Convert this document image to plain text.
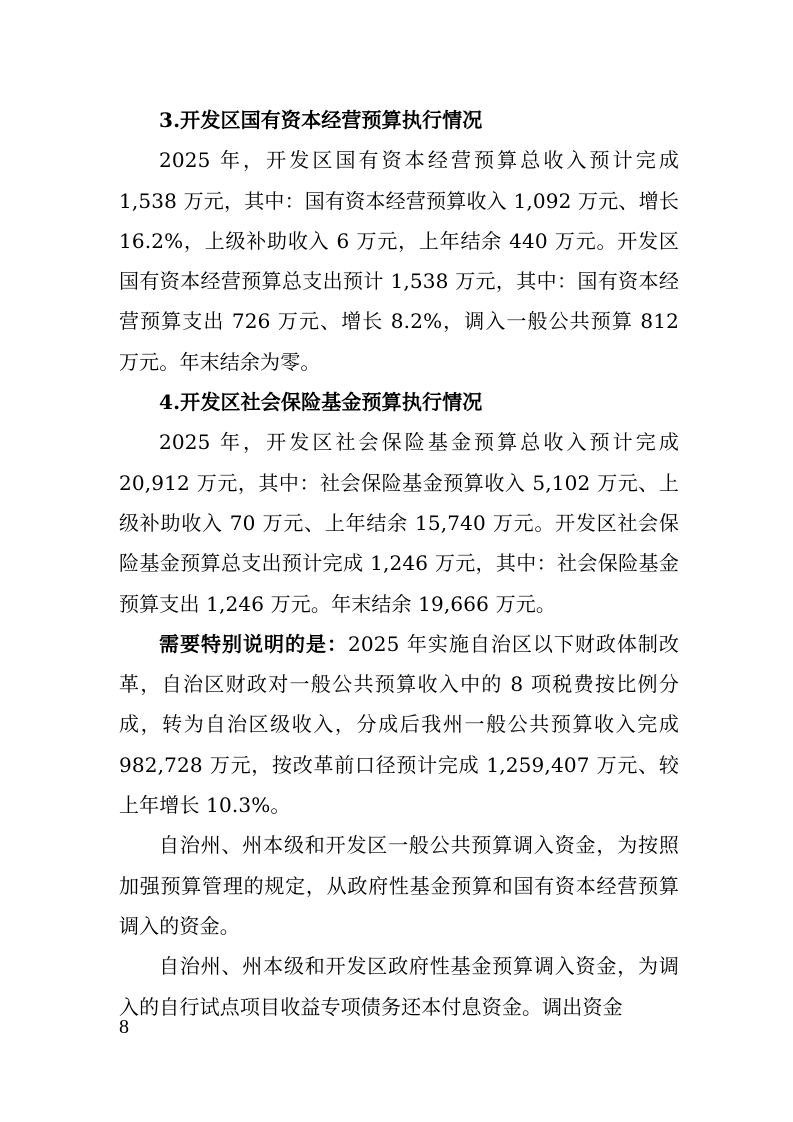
3.开发区国有资本经营预算执行情况

2025 年，开发区国有资本经营预算总收入预计完成 1,538 万元，其中：国有资本经营预算收入 1,092 万元、增长 16.2%，上级补助收入 6 万元，上年结余 440 万元。开发区国有资本经营预算总支出预计 1,538 万元，其中：国有资本经营预算支出 726 万元、增长 8.2%，调入一般公共预算 812 万元。年末结余为零。

4.开发区社会保险基金预算执行情况

2025 年，开发区社会保险基金预算总收入预计完成 20,912 万元，其中：社会保险基金预算收入 5,102 万元、上级补助收入 70 万元、上年结余 15,740 万元。开发区社会保险基金预算总支出预计完成 1,246 万元，其中：社会保险基金预算支出 1,246 万元。年末结余 19,666 万元。

需要特别说明的是：2025 年实施自治区以下财政体制改革，自治区财政对一般公共预算收入中的 8 项税费按比例分成，转为自治区级收入，分成后我州一般公共预算收入完成 982,728 万元，按改革前口径预计完成 1,259,407 万元、较上年增长 10.3%。

自治州、州本级和开发区一般公共预算调入资金，为按照加强预算管理的规定，从政府性基金预算和国有资本经营预算调入的资金。

自治州、州本级和开发区政府性基金预算调入资金，为调入的自行试点项目收益专项债务还本付息资金。调出资金

8
